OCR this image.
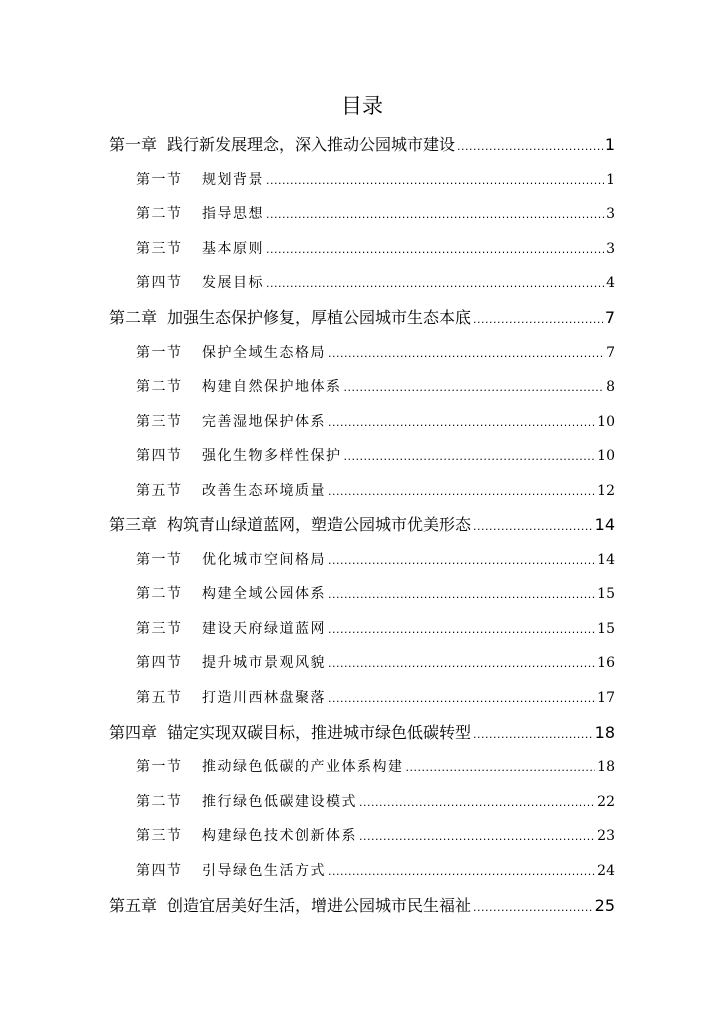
目录
第一章 践行新发展理念，深入推动公园城市建设 .....	1
第一节	规划背景 .....	1
第二节	指导思想 .....	3
第三节	基本原则 .....	3
第四节	发展目标 .....	4
第二章 加强生态保护修复，厚植公园城市生态本底 .....	7
第一节	保护全域生态格局 .....	7
第二节	构建自然保护地体系 .....	8
第三节	完善湿地保护体系 .....	10
第四节	强化生物多样性保护 .....	10
第五节	改善生态环境质量 .....	12
第三章 构筑青山绿道蓝网，塑造公园城市优美形态 .....	14
第一节	优化城市空间格局 .....	14
第二节	构建全域公园体系 .....	15
第三节	建设天府绿道蓝网 .....	15
第四节	提升城市景观风貌 .....	16
第五节	打造川西林盘聚落 .....	17
第四章 锚定实现双碳目标，推进城市绿色低碳转型 .....	18
第一节	推动绿色低碳的产业体系构建 .....	18
第二节	推行绿色低碳建设模式 .....	22
第三节	构建绿色技术创新体系 .....	23
第四节	引导绿色生活方式 .....	24
第五章 创造宜居美好生活，增进公园城市民生福祉 .....	25
